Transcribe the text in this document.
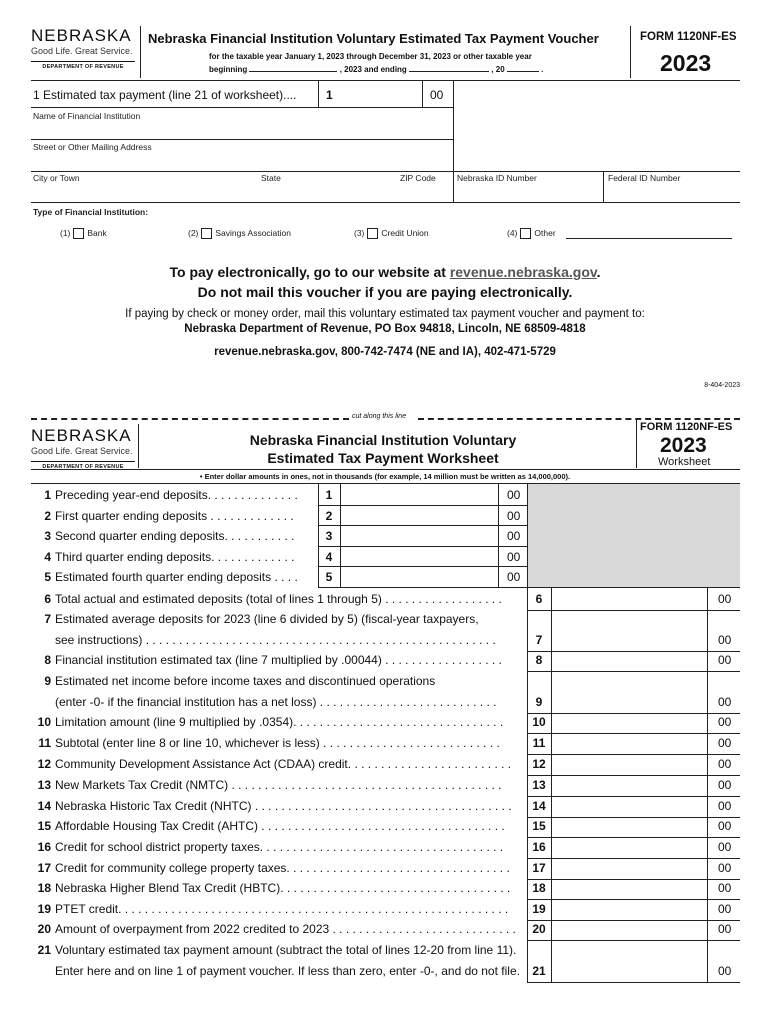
NEBRASKA
Good Life. Great Service.
DEPARTMENT OF REVENUE
Nebraska Financial Institution Voluntary Estimated Tax Payment Voucher
for the taxable year January 1, 2023 through December 31, 2023 or other taxable year
beginning	, 2023 and ending	, 20	.
FORM 1120NF-ES
2023
1 Estimated tax payment (line 21 of worksheet).... 1	00
Name of Financial Institution
Street or Other Mailing Address
City or Town	State	ZIP Code Nebraska ID Number	Federal ID Number
Type of Financial Institution:
(1) Bank	(2) Savings Association	(3) Credit Union	(4) Other
To pay electronically, go to our website at revenue.nebraska.gov.
Do not mail this voucher if you are paying electronically.
If paying by check or money order, mail this voluntary estimated tax payment voucher and payment to:
Nebraska Department of Revenue, PO Box 94818, Lincoln, NE 68509-4818
revenue.nebraska.gov, 800-742-7474 (NE and IA), 402-471-5729
8-404-2023
cut along this line
NEBRASKA
Good Life. Great Service.
DEPARTMENT OF REVENUE
Nebraska Financial Institution Voluntary
Estimated Tax Payment Worksheet
FORM 1120NF-ES
2023
Worksheet
• Enter dollar amounts in ones, not in thousands (for example, 14 million must be written as 14,000,000).
1 Preceding year-end deposits. . . . . . . . . . . . . .	1	00
2 First quarter ending deposits . . . . . . . . . . . . .	2	00
3 Second quarter ending deposits. . . . . . . . . . .	3	00
4 Third quarter ending deposits. . . . . . . . . . . . .	4	00
5 Estimated fourth quarter ending deposits . . . .	5	00
6 Total actual and estimated deposits (total of lines 1 through 5) . . . . . . . . . . . . . . . . . .	6	00
7 Estimated average deposits for 2023 (line 6 divided by 5) (fiscal-year taxpayers,
see instructions) . . . . . . . . . . . . . . . . . . . . . . . . . . . . . . . . . . . . . . . . . . . . . . . . . . . . .	7	00
8 Financial institution estimated tax (line 7 multiplied by .00044) . . . . . . . . . . . . . . . . . .	8	00
9 Estimated net income before income taxes and discontinued operations
(enter -0- if the financial institution has a net loss) . . . . . . . . . . . . . . . . . . . . . . . . . . .	9	00
10 Limitation amount (line 9 multiplied by .0354). . . . . . . . . . . . . . . . . . . . . . . . . . . . . . . .	10	00
11 Subtotal (enter line 8 or line 10, whichever is less) . . . . . . . . . . . . . . . . . . . . . . . . . . .	11	00
12 Community Development Assistance Act (CDAA) credit. . . . . . . . . . . . . . . . . . . . . . . . .	12	00
13 New Markets Tax Credit (NMTC) . . . . . . . . . . . . . . . . . . . . . . . . . . . . . . . . . . . . . . . . .	13	00
14 Nebraska Historic Tax Credit (NHTC) . . . . . . . . . . . . . . . . . . . . . . . . . . . . . . . . . . . . . . .	14	00
15 Affordable Housing Tax Credit (AHTC) . . . . . . . . . . . . . . . . . . . . . . . . . . . . . . . . . . . . .	15	00
16 Credit for school district property taxes. . . . . . . . . . . . . . . . . . . . . . . . . . . . . . . . . . . . .	16	00
17 Credit for community college property taxes. . . . . . . . . . . . . . . . . . . . . . . . . . . . . . . . . .	17	00
18 Nebraska Higher Blend Tax Credit (HBTC). . . . . . . . . . . . . . . . . . . . . . . . . . . . . . . . . . .	18	00
19 PTET credit. . . . . . . . . . . . . . . . . . . . . . . . . . . . . . . . . . . . . . . . . . . . . . . . . . . . . . . . . . .	19	00
20 Amount of overpayment from 2022 credited to 2023 . . . . . . . . . . . . . . . . . . . . . . . . . . . .	20	00
21 Voluntary estimated tax payment amount (subtract the total of lines 12-20 from line 11).
Enter here and on line 1 of payment voucher. If less than zero, enter -0-, and do not file.	21	00
